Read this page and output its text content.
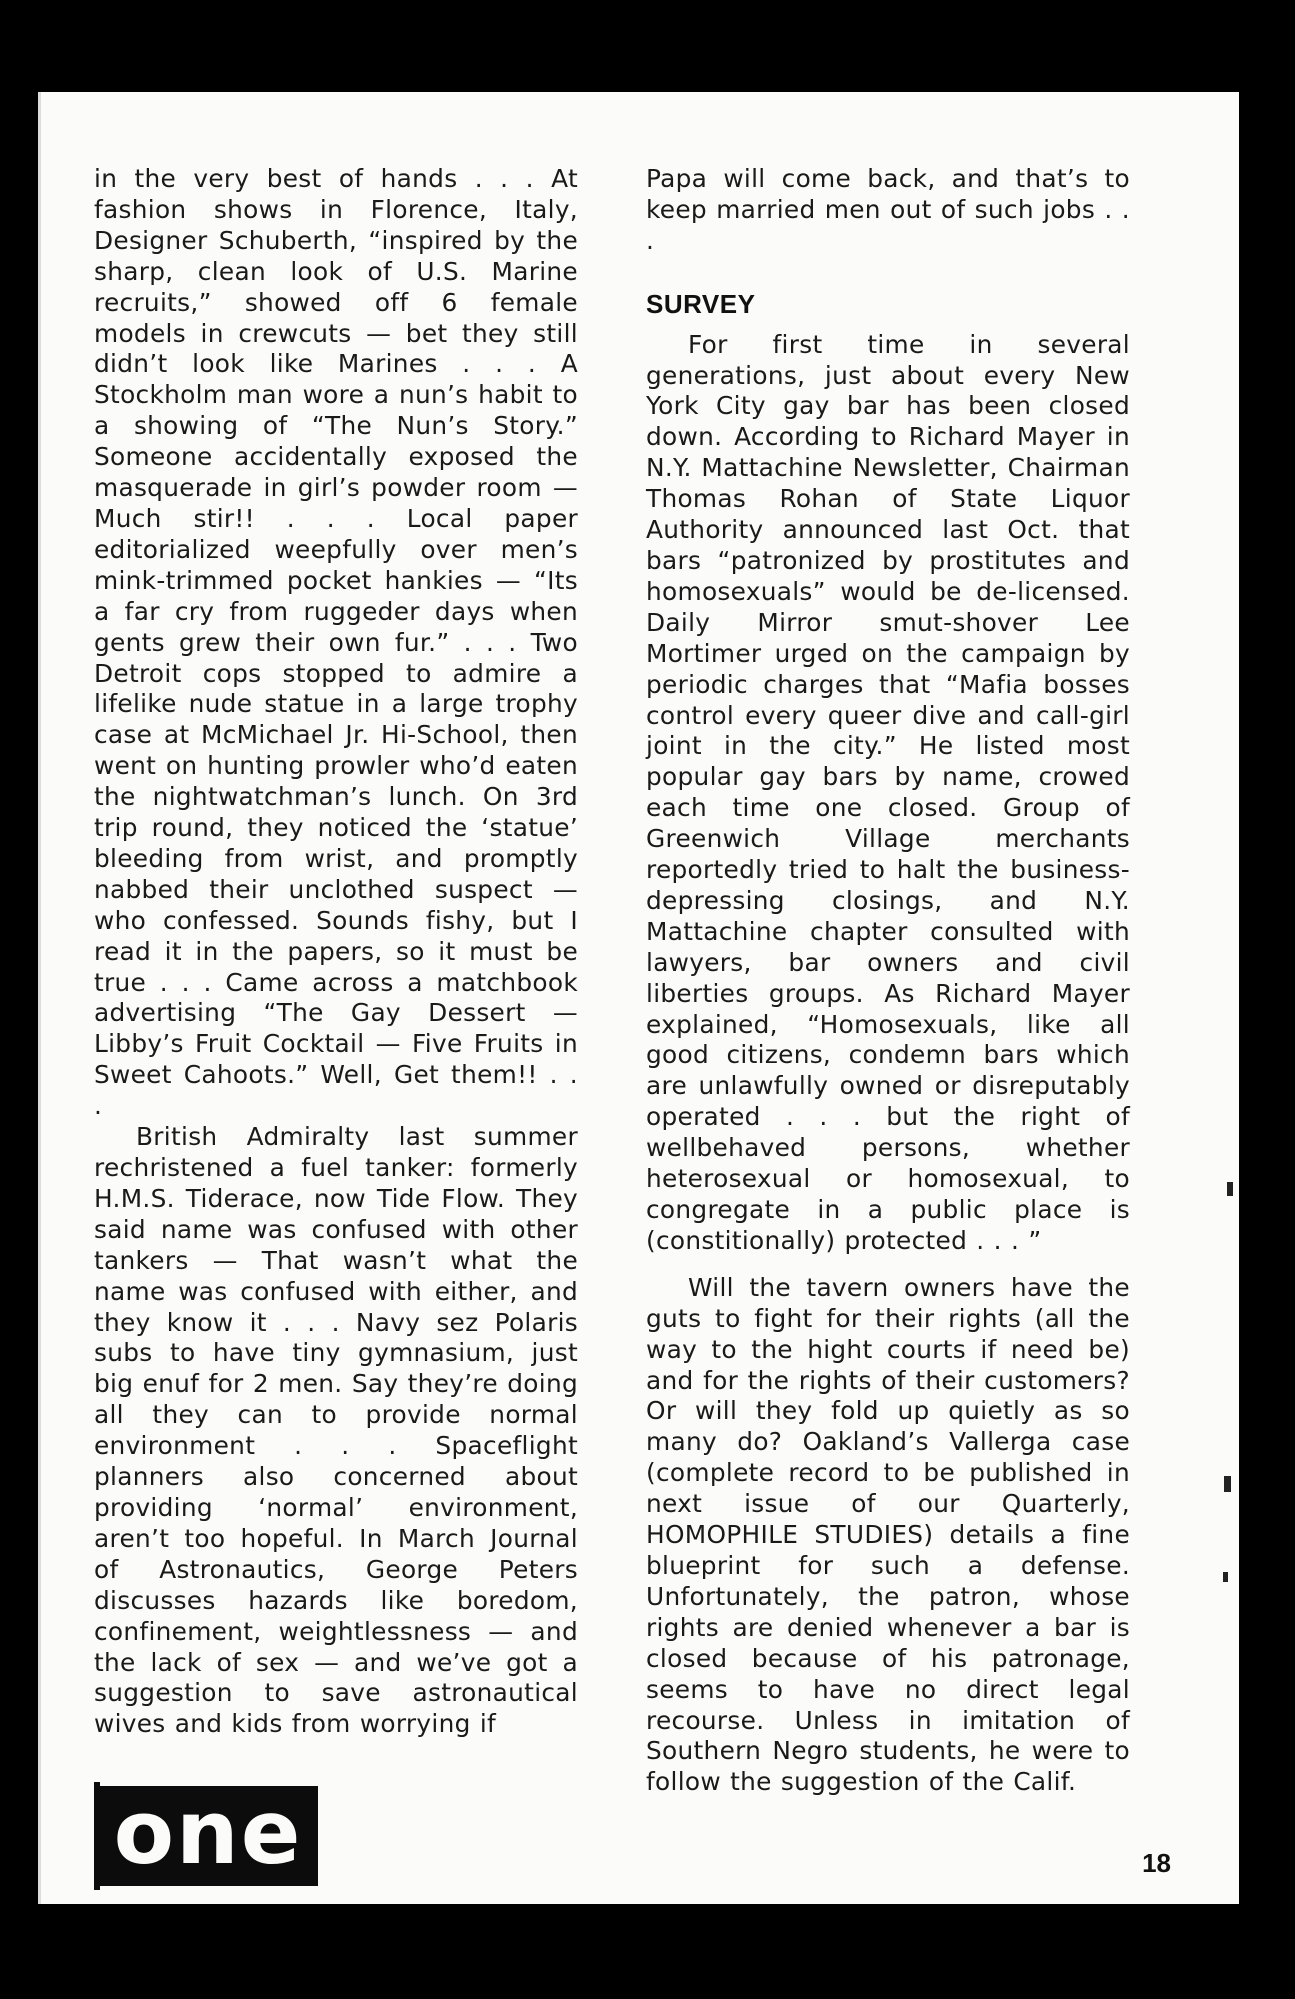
in the very best of hands . . . At fashion shows in Florence, Italy, Designer Schuberth, “inspired by the sharp, clean look of U.S. Marine recruits,” showed off 6 female models in crewcuts — bet they still didn’t look like Marines . . . A Stockholm man wore a nun’s habit to a showing of “The Nun’s Story.” Someone accidentally exposed the masquerade in girl’s powder room — Much stir!! . . . Local paper editorialized weepfully over men’s mink-trimmed pocket hankies — “Its a far cry from ruggeder days when gents grew their own fur.” . . . Two Detroit cops stopped to admire a lifelike nude statue in a large trophy case at McMichael Jr. Hi-School, then went on hunting prowler who’d eaten the nightwatchman’s lunch. On 3rd trip round, they noticed the ‘statue’ bleeding from wrist, and promptly nabbed their unclothed suspect — who confessed. Sounds fishy, but I read it in the papers, so it must be true . . . Came across a matchbook advertising “The Gay Dessert — Libby’s Fruit Cocktail — Five Fruits in Sweet Cahoots.” Well, Get them!! . . .

British Admiralty last summer rechristened a fuel tanker: formerly H.M.S. Tiderace, now Tide Flow. They said name was confused with other tankers — That wasn’t what the name was confused with either, and they know it . . . Navy sez Polaris subs to have tiny gymnasium, just big enuf for 2 men. Say they’re doing all they can to provide normal environment . . . Spaceflight planners also concerned about providing ‘normal’ environment, aren’t too hopeful. In March Journal of Astronautics, George Peters discusses hazards like boredom, confinement, weightlessness — and the lack of sex — and we’ve got a suggestion to save astronautical wives and kids from worrying if

Papa will come back, and that’s to keep married men out of such jobs . . .

SURVEY

For first time in several generations, just about every New York City gay bar has been closed down. According to Richard Mayer in N.Y. Mattachine Newsletter, Chairman Thomas Rohan of State Liquor Authority announced last Oct. that bars “patronized by prostitutes and homosexuals” would be de-licensed. Daily Mirror smut-shover Lee Mortimer urged on the campaign by periodic charges that “Mafia bosses control every queer dive and call-girl joint in the city.” He listed most popular gay bars by name, crowed each time one closed. Group of Greenwich Village merchants reportedly tried to halt the business-depressing closings, and N.Y. Mattachine chapter consulted with lawyers, bar owners and civil liberties groups. As Richard Mayer explained, “Homosexuals, like all good citizens, condemn bars which are unlawfully owned or disreputably operated . . . but the right of wellbehaved persons, whether heterosexual or homosexual, to congregate in a public place is (constitionally) protected . . . ”

Will the tavern owners have the guts to fight for their rights (all the way to the hight courts if need be) and for the rights of their customers? Or will they fold up quietly as so many do? Oakland’s Vallerga case (complete record to be published in next issue of our Quarterly, HOMOPHILE STUDIES) details a fine blueprint for such a defense. Unfortunately, the patron, whose rights are denied whenever a bar is closed because of his patronage, seems to have no direct legal recourse. Unless in imitation of Southern Negro students, he were to follow the suggestion of the Calif.

one	18
